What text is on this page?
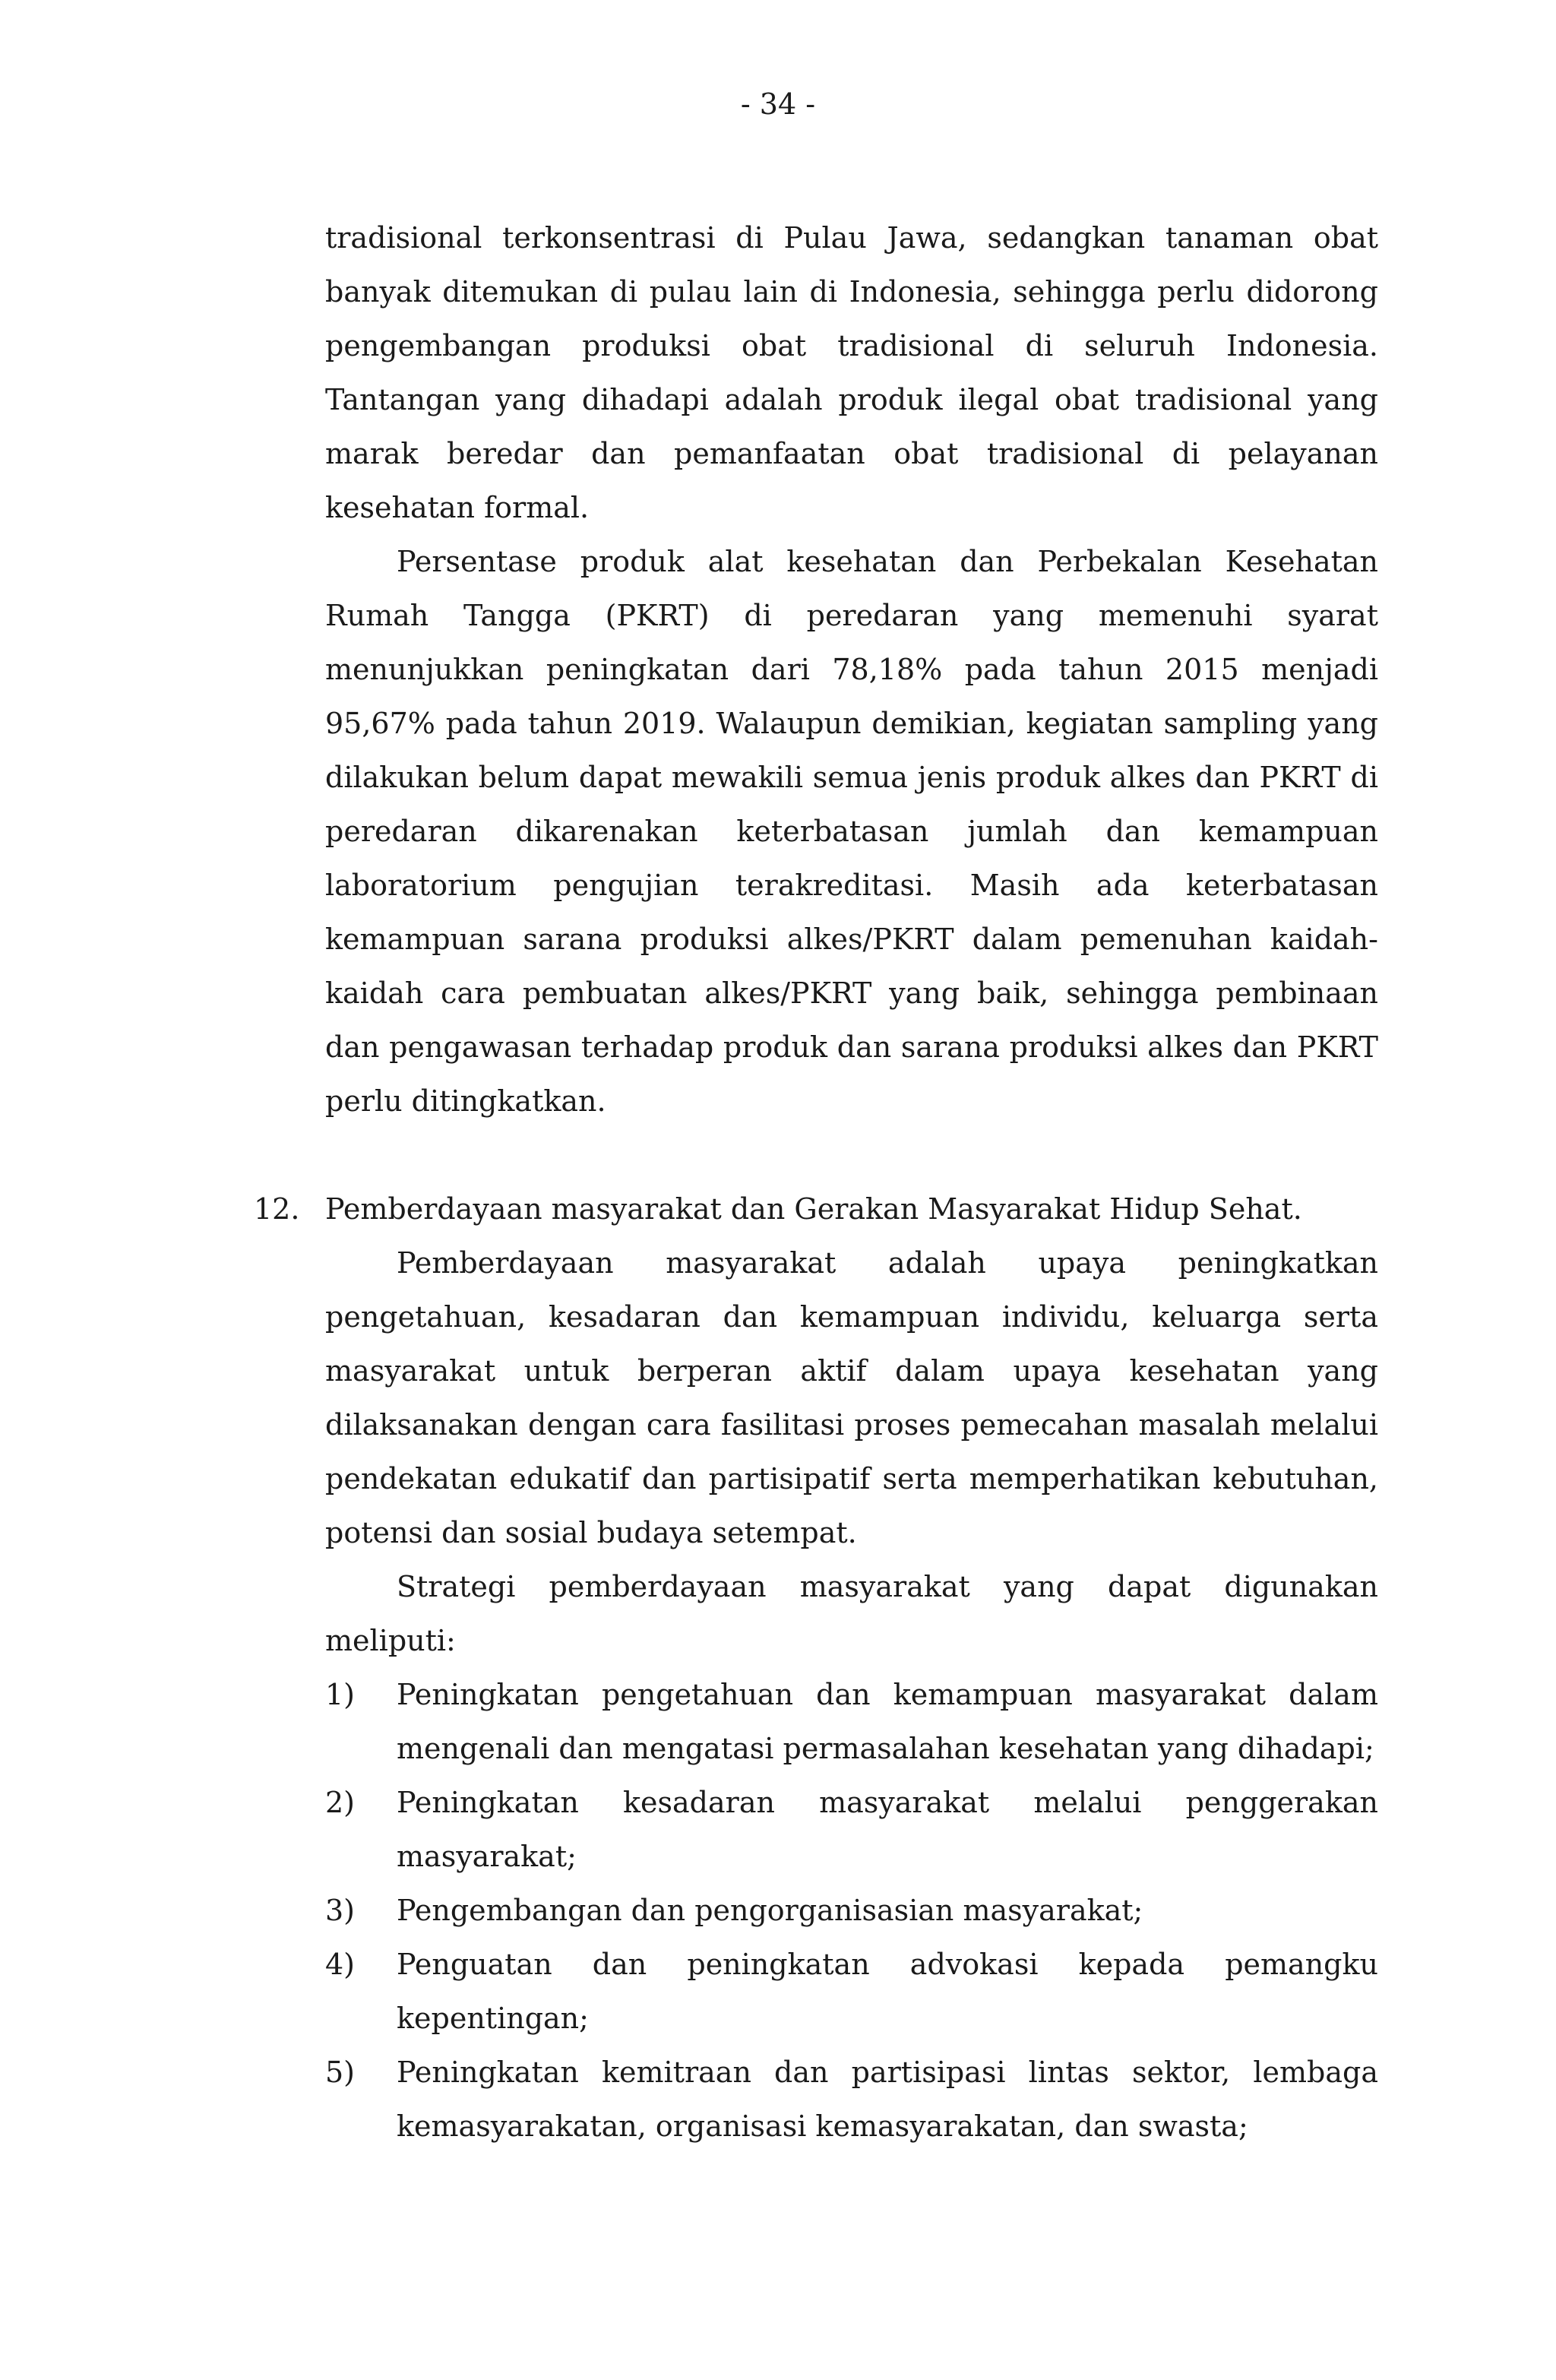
- 34 -

tradisional terkonsentrasi di Pulau Jawa, sedangkan tanaman obat banyak ditemukan di pulau lain di Indonesia, sehingga perlu didorong pengembangan produksi obat tradisional di seluruh Indonesia. Tantangan yang dihadapi adalah produk ilegal obat tradisional yang marak beredar dan pemanfaatan obat tradisional di pelayanan kesehatan formal.

Persentase produk alat kesehatan dan Perbekalan Kesehatan Rumah Tangga (PKRT) di peredaran yang memenuhi syarat menunjukkan peningkatan dari 78,18% pada tahun 2015 menjadi 95,67% pada tahun 2019. Walaupun demikian, kegiatan sampling yang dilakukan belum dapat mewakili semua jenis produk alkes dan PKRT di peredaran dikarenakan keterbatasan jumlah dan kemampuan laboratorium pengujian terakreditasi. Masih ada keterbatasan kemampuan sarana produksi alkes/PKRT dalam pemenuhan kaidah-kaidah cara pembuatan alkes/PKRT yang baik, sehingga pembinaan dan pengawasan terhadap produk dan sarana produksi alkes dan PKRT perlu ditingkatkan.

12. Pemberdayaan masyarakat dan Gerakan Masyarakat Hidup Sehat.

Pemberdayaan masyarakat adalah upaya peningkatkan pengetahuan, kesadaran dan kemampuan individu, keluarga serta masyarakat untuk berperan aktif dalam upaya kesehatan yang dilaksanakan dengan cara fasilitasi proses pemecahan masalah melalui pendekatan edukatif dan partisipatif serta memperhatikan kebutuhan, potensi dan sosial budaya setempat.

Strategi pemberdayaan masyarakat yang dapat digunakan meliputi:

1) Peningkatan pengetahuan dan kemampuan masyarakat dalam mengenali dan mengatasi permasalahan kesehatan yang dihadapi;
2) Peningkatan kesadaran masyarakat melalui penggerakan masyarakat;
3) Pengembangan dan pengorganisasian masyarakat;
4) Penguatan dan peningkatan advokasi kepada pemangku kepentingan;
5) Peningkatan kemitraan dan partisipasi lintas sektor, lembaga kemasyarakatan, organisasi kemasyarakatan, dan swasta;
